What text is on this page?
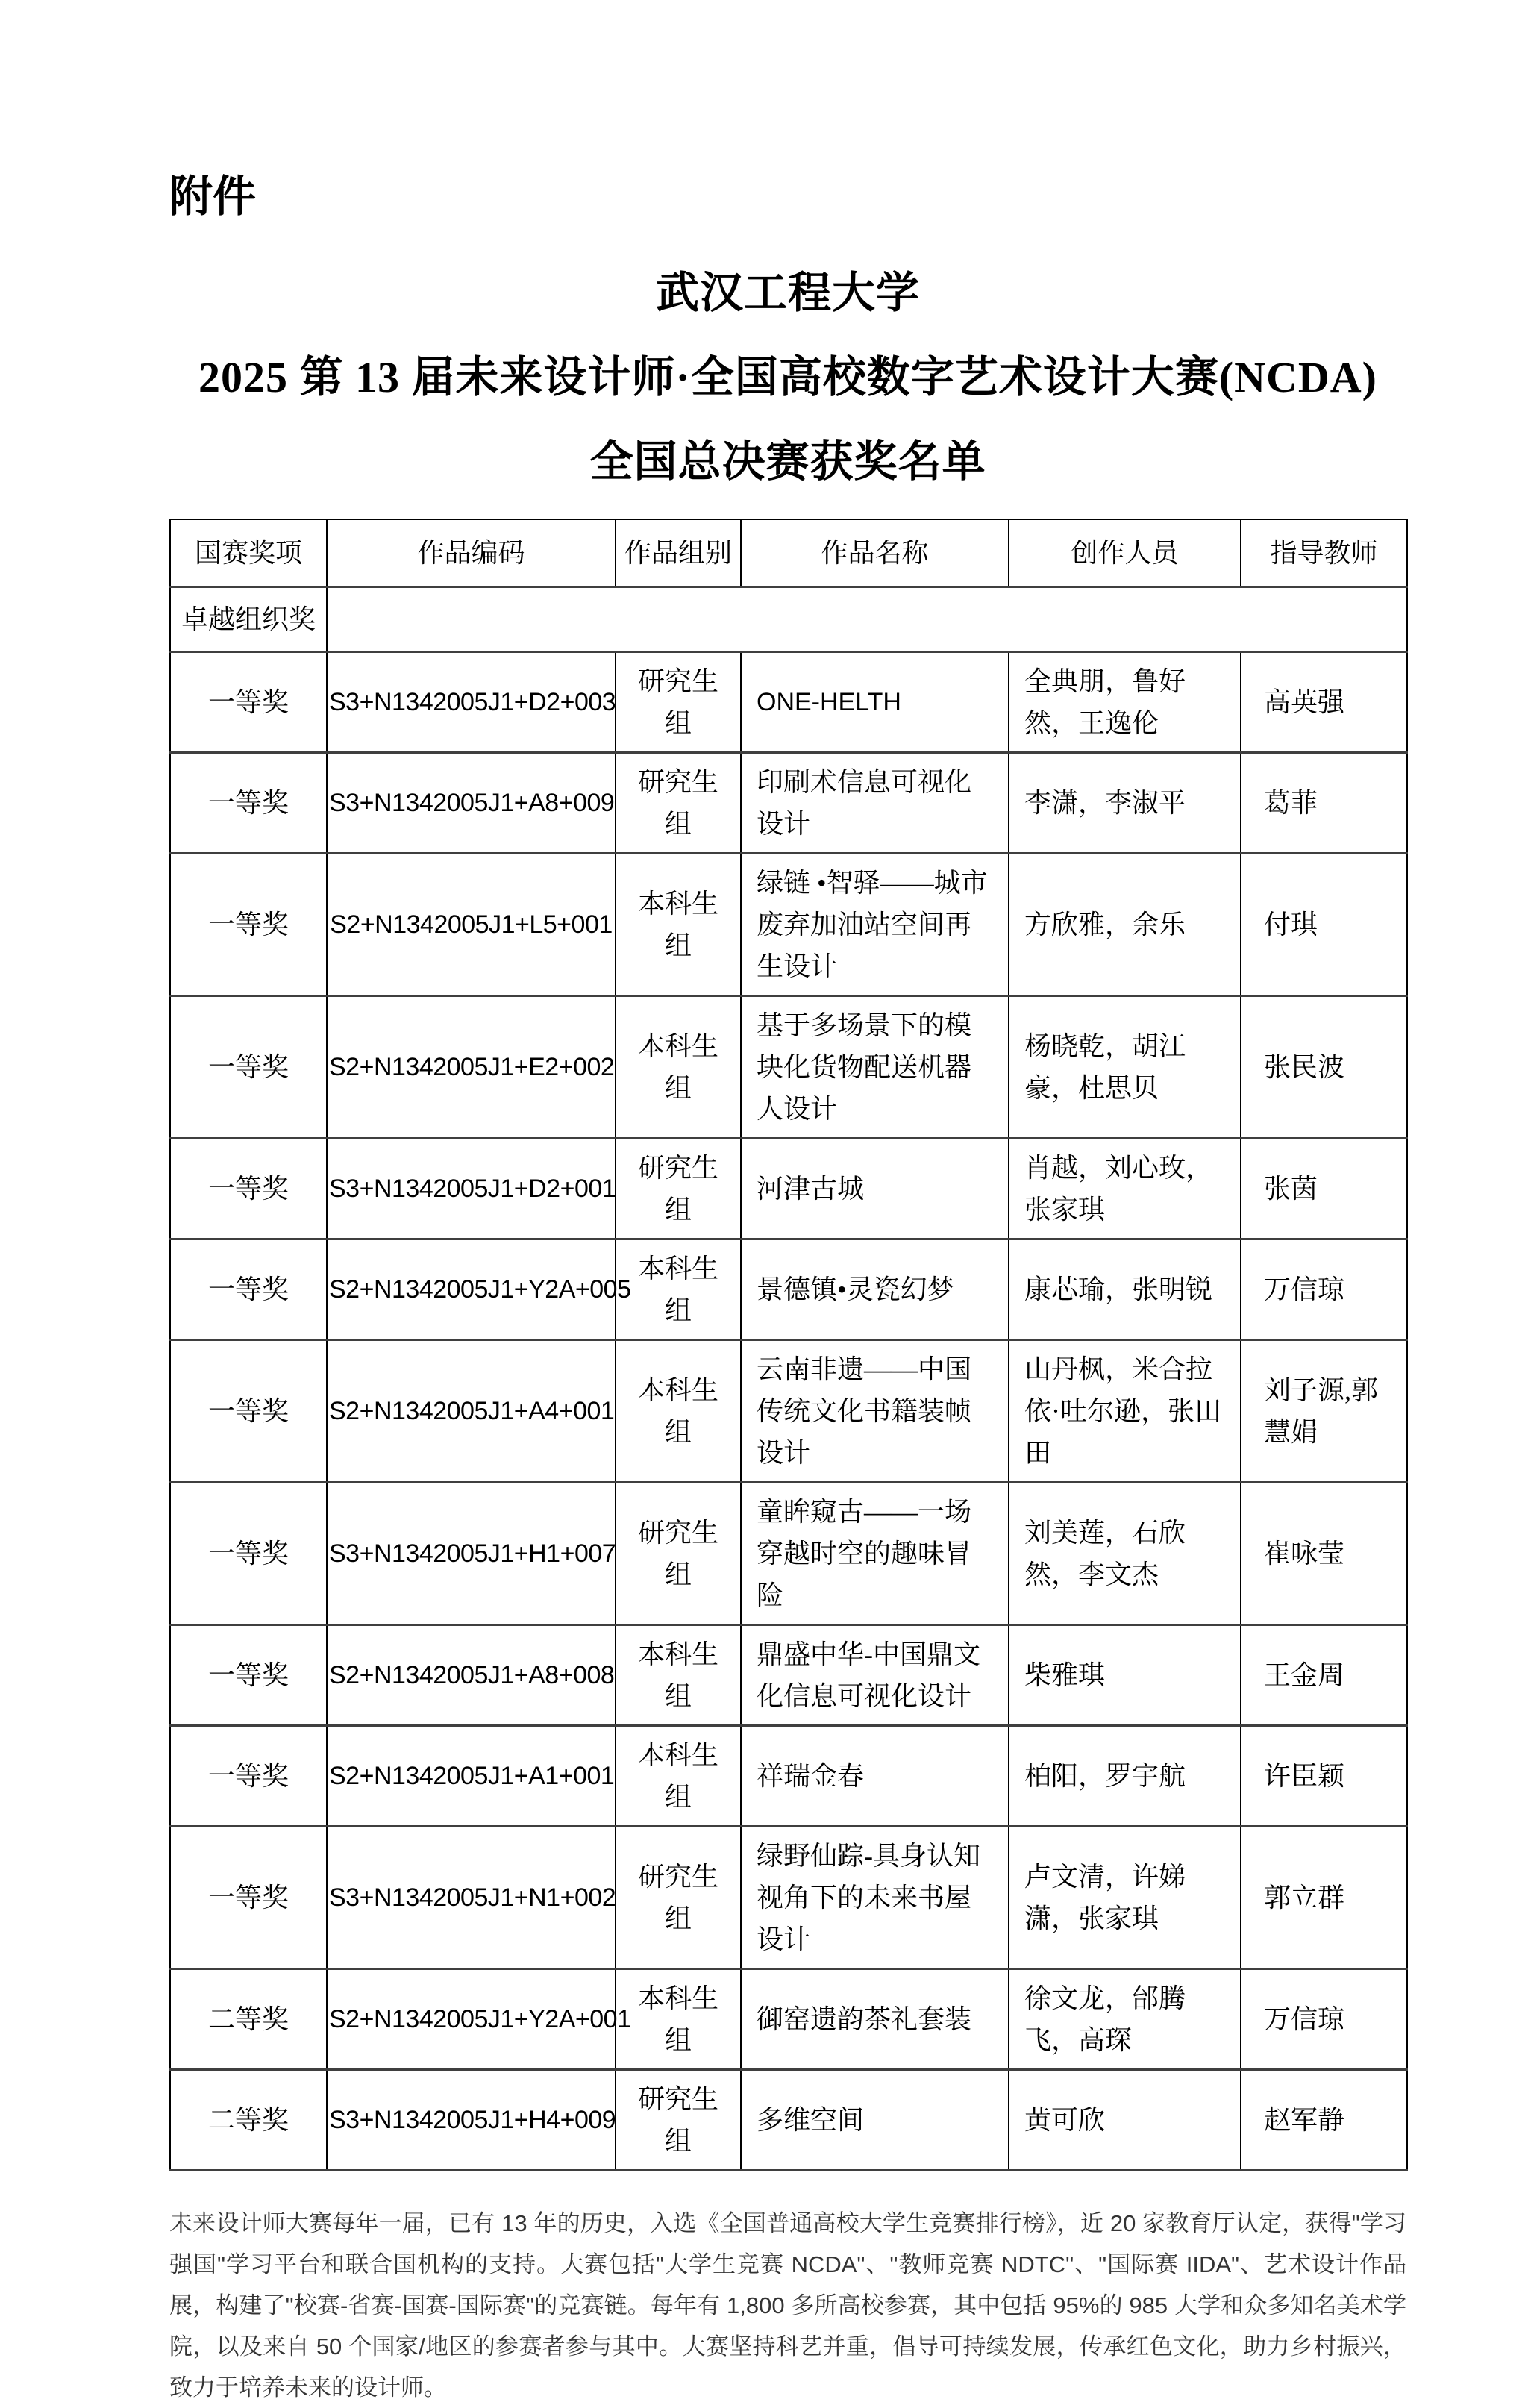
附件
武汉工程大学
2025 第 13 届未来设计师·全国高校数字艺术设计大赛(NCDA)
全国总决赛获奖名单
国赛奖项	作品编码	作品组别	作品名称	创作人员	指导教师
卓越组织奖					
一等奖	S3+N1342005J1+D2+003	研究生组	ONE-HELTH	全典朋，鲁好然，王逸伦	高英强
一等奖	S3+N1342005J1+A8+009	研究生组	印刷术信息可视化设计	李潇，李淑平	葛菲
一等奖	S2+N1342005J1+L5+001	本科生组	绿链 •智驿——城市废弃加油站空间再生设计	方欣雅，余乐	付琪
一等奖	S2+N1342005J1+E2+002	本科生组	基于多场景下的模块化货物配送机器人设计	杨晓乾，胡江豪，杜思贝	张民波
一等奖	S3+N1342005J1+D2+001	研究生组	河津古城	肖越，刘心玫，张家琪	张茵
一等奖	S2+N1342005J1+Y2A+005	本科生组	景德镇•灵瓷幻梦	康芯瑜，张明锐	万信琼
一等奖	S2+N1342005J1+A4+001	本科生组	云南非遗——中国传统文化书籍装帧设计	山丹枫，米合拉依·吐尔逊，张田田	刘子源,郭慧娟
一等奖	S3+N1342005J1+H1+007	研究生组	童眸窥古——一场穿越时空的趣味冒险	刘美莲，石欣然，李文杰	崔咏莹
一等奖	S2+N1342005J1+A8+008	本科生组	鼎盛中华-中国鼎文化信息可视化设计	柴雅琪	王金周
一等奖	S2+N1342005J1+A1+001	本科生组	祥瑞金春	柏阳，罗宇航	许臣颖
一等奖	S3+N1342005J1+N1+002	研究生组	绿野仙踪-具身认知视角下的未来书屋设计	卢文清，许娣潇，张家琪	郭立群
二等奖	S2+N1342005J1+Y2A+001	本科生组	御窑遗韵茶礼套装	徐文龙，邰腾飞，高琛	万信琼
二等奖	S3+N1342005J1+H4+009	研究生组	多维空间	黄可欣	赵军静
未来设计师大赛每年一届，已有 13 年的历史，入选《全国普通高校大学生竞赛排行榜》，近 20 家教育厅认定，获得"学习强国"学习平台和联合国机构的支持。大赛包括"大学生竞赛 NCDA"、"教师竞赛 NDTC"、"国际赛 IIDA"、艺术设计作品展，构建了"校赛-省赛-国赛-国际赛"的竞赛链。每年有 1,800 多所高校参赛，其中包括 95%的 985 大学和众多知名美术学院，以及来自 50 个国家/地区的参赛者参与其中。大赛坚持科艺并重，倡导可持续发展，传承红色文化，助力乡村振兴，致力于培养未来的设计师。
